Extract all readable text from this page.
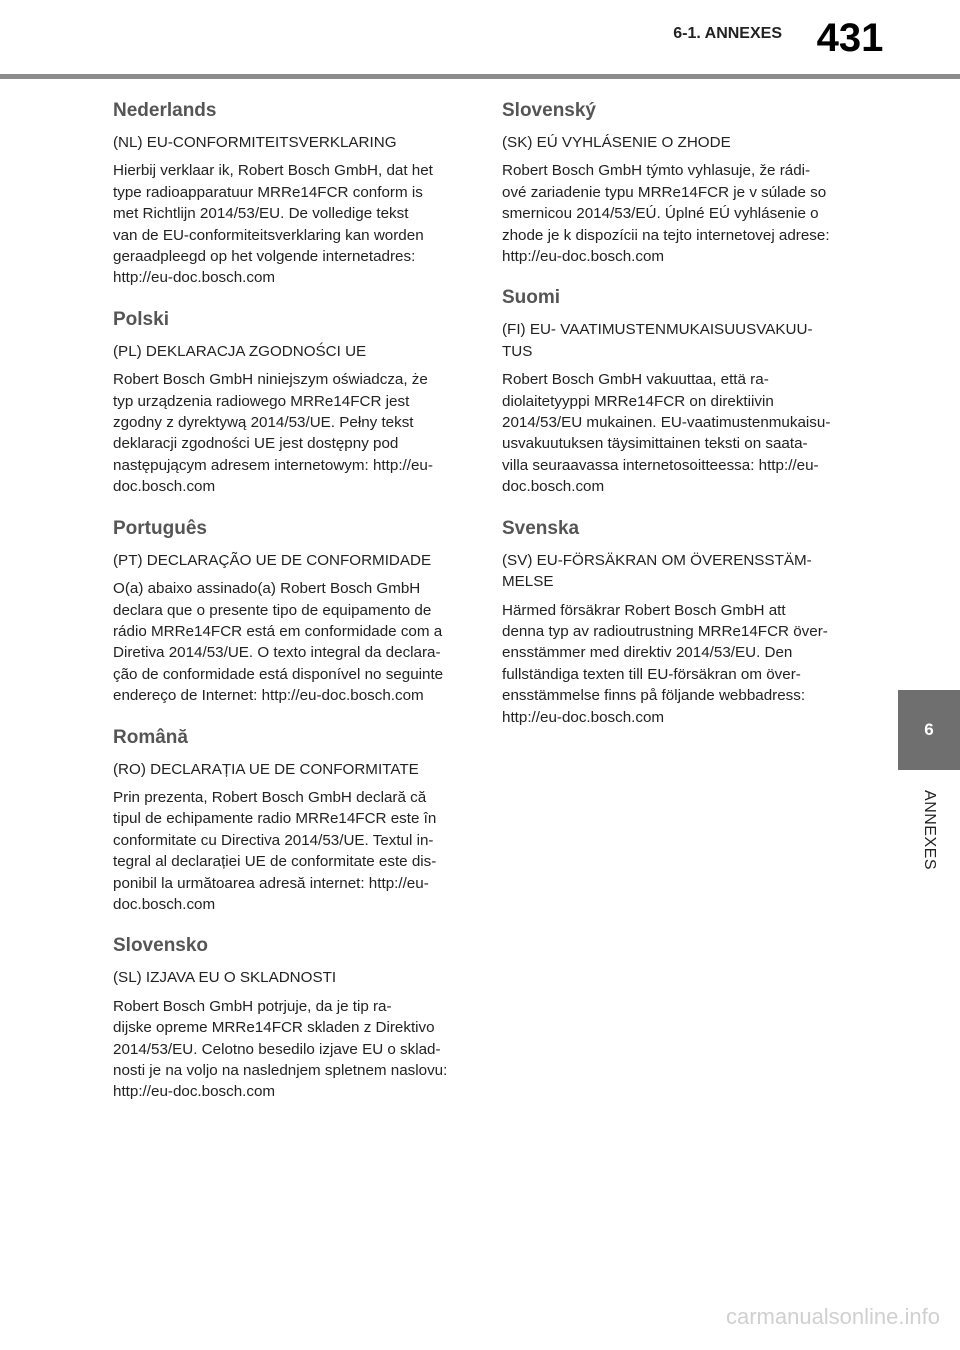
6-1. ANNEXES 431
6
ANNEXES
Nederlands

(NL) EU-CONFORMITEITSVERKLARING

Hierbij verklaar ik, Robert Bosch GmbH, dat het
type radioapparatuur MRRe14FCR conform is
met Richtlijn 2014/53/EU. De volledige tekst
van de EU-conformiteitsverklaring kan worden
geraadpleegd op het volgende internetadres:
http://eu-doc.bosch.com

Polski

(PL) DEKLARACJA ZGODNOŚCI UE

Robert Bosch GmbH niniejszym oświadcza, że
typ urządzenia radiowego MRRe14FCR jest
zgodny z dyrektywą 2014/53/UE. Pełny tekst
deklaracji zgodności UE jest dostępny pod
następującym adresem internetowym: http://eu-
doc.bosch.com

Português

(PT) DECLARAÇÃO UE DE CONFORMIDADE

O(a) abaixo assinado(a) Robert Bosch GmbH
declara que o presente tipo de equipamento de
rádio MRRe14FCR está em conformidade com a
Diretiva 2014/53/UE. O texto integral da declara-
ção de conformidade está disponível no seguinte
endereço de Internet: http://eu-doc.bosch.com

Română

(RO) DECLARAȚIA UE DE CONFORMITATE

Prin prezenta, Robert Bosch GmbH declară că
tipul de echipamente radio MRRe14FCR este în
conformitate cu Directiva 2014/53/UE. Textul in-
tegral al declarației UE de conformitate este dis-
ponibil la următoarea adresă internet: http://eu-
doc.bosch.com

Slovensko

(SL) IZJAVA EU O SKLADNOSTI

Robert Bosch GmbH potrjuje, da je tip ra-
dijske opreme MRRe14FCR skladen z Direktivo
2014/53/EU. Celotno besedilo izjave EU o sklad-
nosti je na voljo na naslednjem spletnem naslovu:
http://eu-doc.bosch.com

Slovenský

(SK) EÚ VYHLÁSENIE O ZHODE

Robert Bosch GmbH týmto vyhlasuje, že rádi-
ové zariadenie typu MRRe14FCR je v súlade so
smernicou 2014/53/EÚ. Úplné EÚ vyhlásenie o
zhode je k dispozícii na tejto internetovej adrese:
http://eu-doc.bosch.com

Suomi

(FI) EU- VAATIMUSTENMUKAISUUSVAKUU-
TUS

Robert Bosch GmbH vakuuttaa, että ra-
diolaitetyyppi MRRe14FCR on direktiivin
2014/53/EU mukainen. EU-vaatimustenmukaisu-
usvakuutuksen täysimittainen teksti on saata-
villa seuraavassa internetosoitteessa: http://eu-
doc.bosch.com

Svenska

(SV) EU-FÖRSÄKRAN OM ÖVERENSSTÄM-
MELSE

Härmed försäkrar Robert Bosch GmbH att
denna typ av radioutrustning MRRe14FCR över-
ensstämmer med direktiv 2014/53/EU. Den
fullständiga texten till EU-försäkran om över-
ensstämmelse finns på följande webbadress:
http://eu-doc.bosch.com

carmanualsonline.info
